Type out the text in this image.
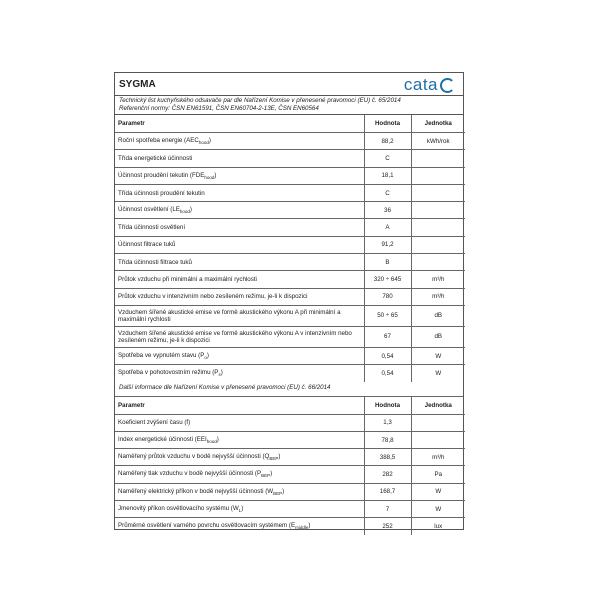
SYGMA	cata
Technický list kuchyňského odsavače par dle Nařízení Komise v přenesené pravomoci (EU) č. 65/2014
Referenční normy: ČSN EN61591, ČSN EN60704-2-13E, ČSN EN60564
Parametr	Hodnota	Jednotka
Roční spotřeba energie $(AEC_{hood})$	88,2	kWh/rok
Třída energetické účinnosti	C	
Účinnost proudění tekutin $(FDE_{hood})$	18,1	
Třída účinnosti proudění tekutin	C	
Účinnost osvětlení $(LE_{hood})$	36	
Třída účinnosti osvětlení	A	
Účinnost filtrace tuků	91,2	
Třída účinnosti filtrace tuků	B	
Průtok vzduchu při minimální a maximální rychlosti	320 ÷ 645	m³/h
Průtok vzduchu v intenzivním nebo zesíleném režimu, je-li k dispozici	780	m³/h
Vzduchem šířené akustické emise ve formě akustického výkonu A při minimální a maximální rychlosti	50 ÷ 65	dB
Vzduchem šířené akustické emise ve formě akustického výkonu A v intenzivním nebo zesíleném režimu, je-li k dispozici	67	dB
Spotřeba ve vypnutém stavu $(P_o)$	0,54	W
Spotřeba v pohotovostním režimu $(P_s)$	0,54	W
Další informace dle Nařízení Komise v přenesené pravomoci (EU) č. 66/2014
Parametr	Hodnota	Jednotka
Koeficient zvýšení času (f)	1,3	
Index energetické účinnosti $(EEI_{hood})$	78,8	
Naměřený průtok vzduchu v bodě nejvyšší účinnosti $(Q_{BEP})$	388,5	m³/h
Naměřený tlak vzduchu v bodě nejvyšší účinnosti $(P_{BEP})$	282	Pa
Naměřený elektrický příkon v bodě nejvyšší účinnosti $(W_{BEP})$	168,7	W
Jmenovitý příkon osvětlovacího systému $(W_L)$	7	W
Průměrné osvětlení varného povrchu osvětlovacím systémem $(E_{middle})$	252	lux
